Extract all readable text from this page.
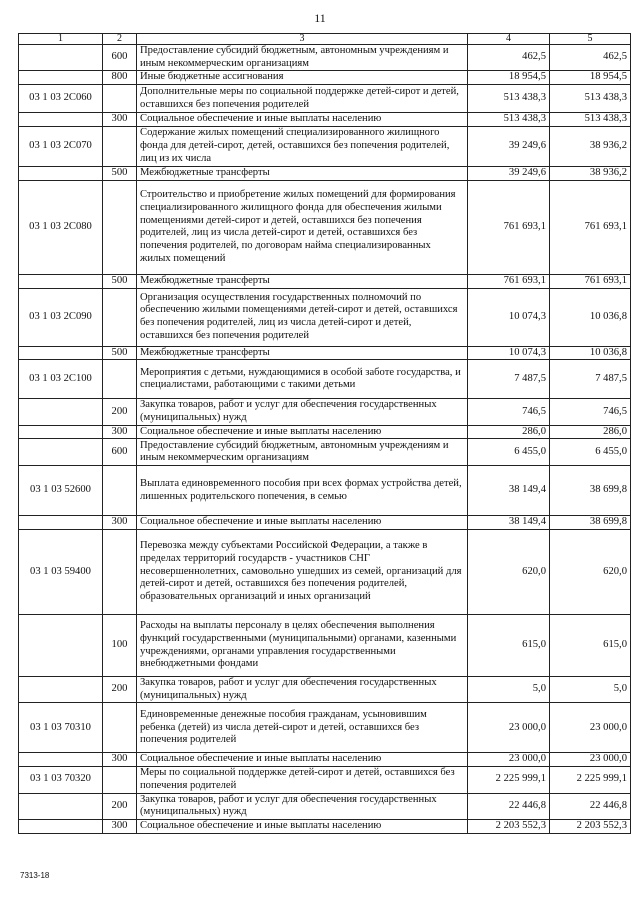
11
1	2	3	4	5
	600	Предоставление субсидий бюджетным, автономным учреждениям и иным некоммерческим организациям	462,5	462,5
	800	Иные бюджетные ассигнования	18 954,5	18 954,5
03 1 03 2С060		Дополнительные меры по социальной поддержке детей-сирот и детей, оставшихся без попечения родителей	513 438,3	513 438,3
	300	Социальное обеспечение и иные выплаты населению	513 438,3	513 438,3
03 1 03 2С070		Содержание жилых помещений специализированного жилищного фонда для детей-сирот, детей, оставшихся без попечения родителей, лиц из их числа	39 249,6	38 936,2
	500	Межбюджетные трансферты	39 249,6	38 936,2
03 1 03 2С080		Строительство и приобретение жилых помещений для формирования специализированного жилищного фонда для обеспечения жилыми помещениями детей-сирот и детей, оставшихся без попечения родителей, лиц из числа детей-сирот и детей, оставшихся без попечения родителей, по договорам найма специализированных жилых помещений	761 693,1	761 693,1
	500	Межбюджетные трансферты	761 693,1	761 693,1
03 1 03 2С090		Организация осуществления государственных полномочий по обеспечению жилыми помещениями детей-сирот и детей, оставшихся без попечения родителей, лиц из числа детей-сирот и детей, оставшихся без попечения родителей	10 074,3	10 036,8
	500	Межбюджетные трансферты	10 074,3	10 036,8
03 1 03 2С100		Мероприятия с детьми, нуждающимися в особой заботе государства, и специалистами, работающими с такими детьми	7 487,5	7 487,5
	200	Закупка товаров, работ и услуг для обеспечения государственных (муниципальных) нужд	746,5	746,5
	300	Социальное обеспечение и иные выплаты населению	286,0	286,0
	600	Предоставление субсидий бюджетным, автономным учреждениям и иным некоммерческим организациям	6 455,0	6 455,0
03 1 03 52600		Выплата единовременного пособия при всех формах устройства детей, лишенных родительского попечения, в семью	38 149,4	38 699,8
	300	Социальное обеспечение и иные выплаты населению	38 149,4	38 699,8
03 1 03 59400		Перевозка между субъектами Российской Федерации, а также в пределах территорий государств - участников СНГ несовершеннолетних, самовольно ушедших из семей, организаций для детей-сирот и детей, оставшихся без попечения родителей, образовательных организаций и иных организаций	620,0	620,0
	100	Расходы на выплаты персоналу в целях обеспечения выполнения функций государственными (муниципальными) органами, казенными учреждениями, органами управления государственными внебюджетными фондами	615,0	615,0
	200	Закупка товаров, работ и услуг для обеспечения государственных (муниципальных) нужд	5,0	5,0
03 1 03 70310		Единовременные денежные пособия гражданам, усыновившим ребенка (детей) из числа детей-сирот и детей, оставшихся без попечения родителей	23 000,0	23 000,0
	300	Социальное обеспечение и иные выплаты населению	23 000,0	23 000,0
03 1 03 70320		Меры по социальной поддержке детей-сирот и детей, оставшихся без попечения родителей	2 225 999,1	2 225 999,1
	200	Закупка товаров, работ и услуг для обеспечения государственных (муниципальных) нужд	22 446,8	22 446,8
	300	Социальное обеспечение и иные выплаты населению	2 203 552,3	2 203 552,3
7313-18
